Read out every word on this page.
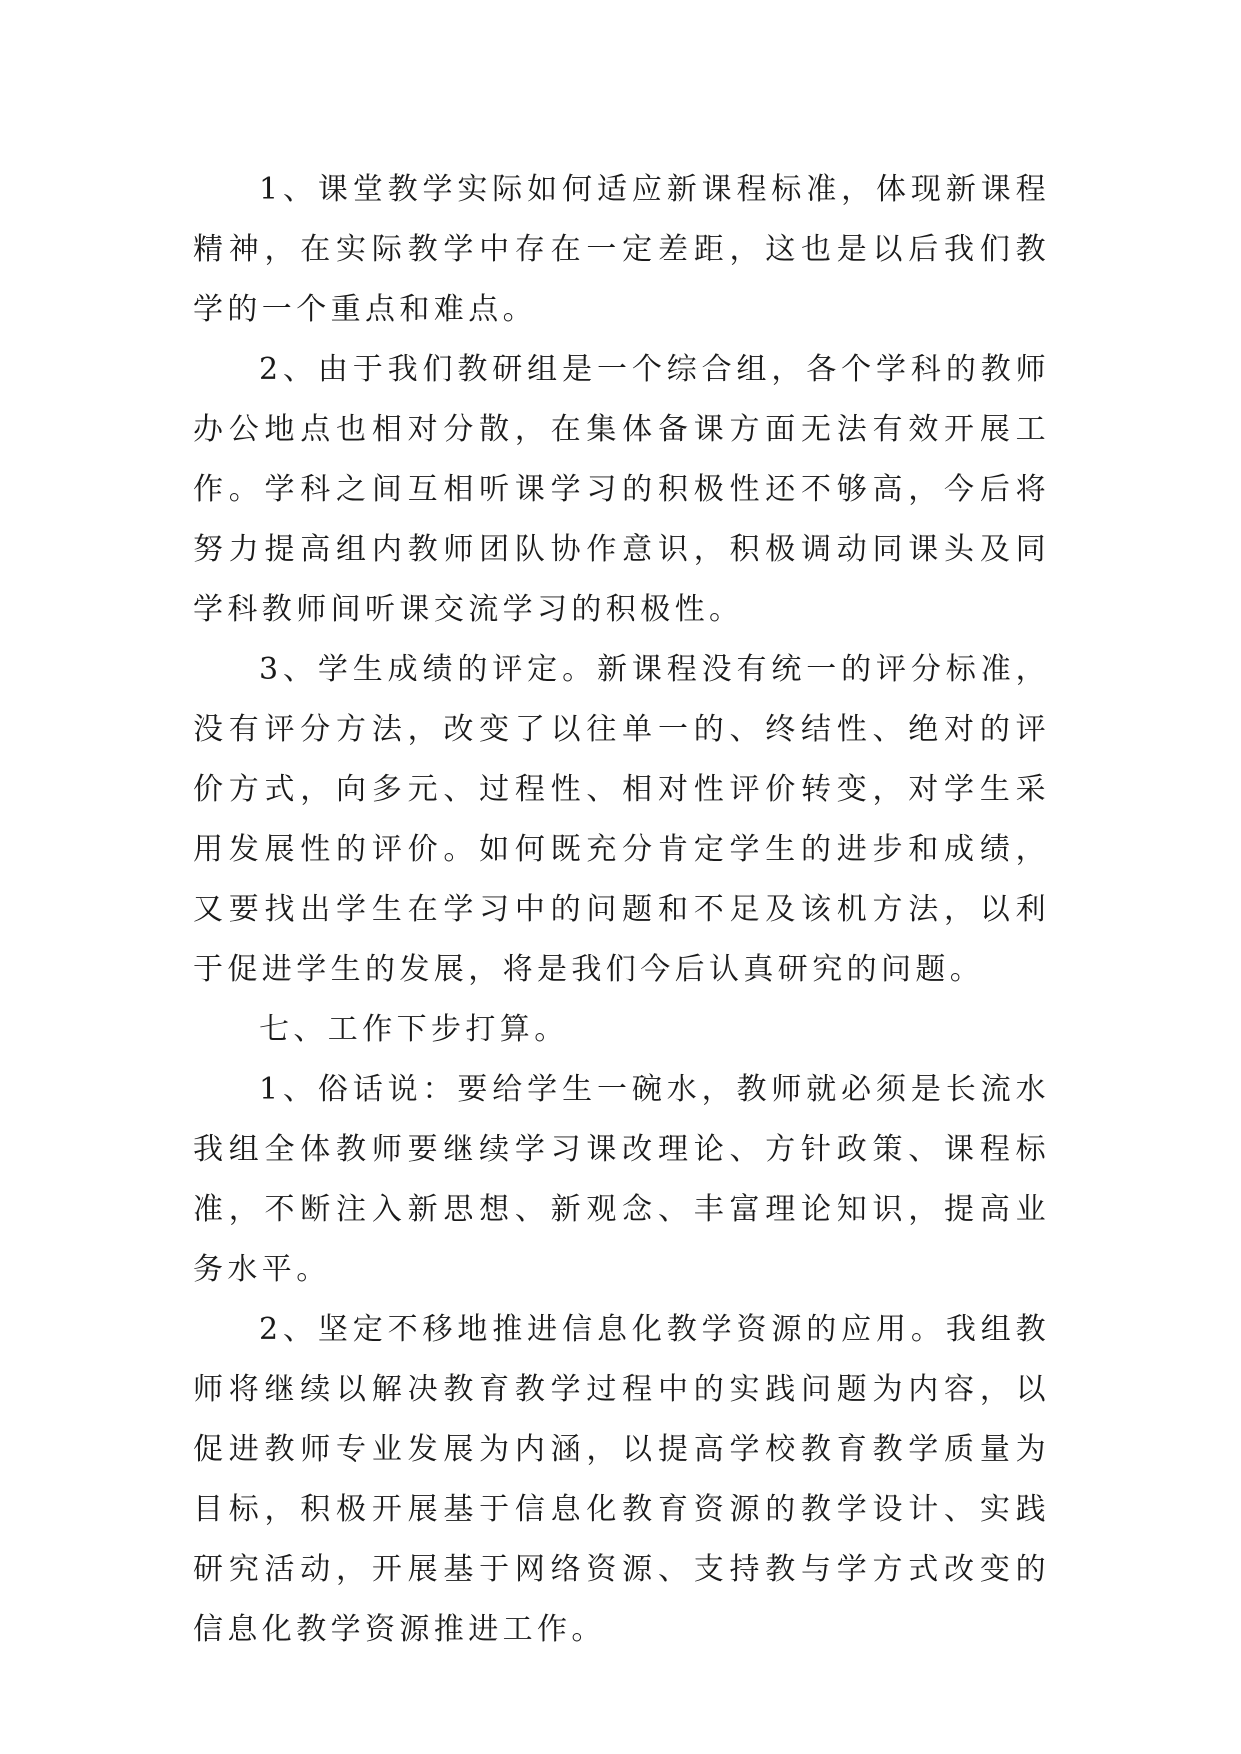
1、课堂教学实际如何适应新课程标准，体现新课程精神，在实际教学中存在一定差距，这也是以后我们教学的一个重点和难点。

2、由于我们教研组是一个综合组，各个学科的教师办公地点也相对分散，在集体备课方面无法有效开展工作。学科之间互相听课学习的积极性还不够高，今后将努力提高组内教师团队协作意识，积极调动同课头及同学科教师间听课交流学习的积极性。

3、学生成绩的评定。新课程没有统一的评分标准，没有评分方法，改变了以往单一的、终结性、绝对的评价方式，向多元、过程性、相对性评价转变，对学生采用发展性的评价。如何既充分肯定学生的进步和成绩，又要找出学生在学习中的问题和不足及该机方法，以利于促进学生的发展，将是我们今后认真研究的问题。

七、工作下步打算。

1、俗话说：要给学生一碗水，教师就必须是长流水我组全体教师要继续学习课改理论、方针政策、课程标准，不断注入新思想、新观念、丰富理论知识，提高业务水平。

2、坚定不移地推进信息化教学资源的应用。我组教师将继续以解决教育教学过程中的实践问题为内容，以促进教师专业发展为内涵，以提高学校教育教学质量为目标，积极开展基于信息化教育资源的教学设计、实践研究活动，开展基于网络资源、支持教与学方式改变的信息化教学资源推进工作。
